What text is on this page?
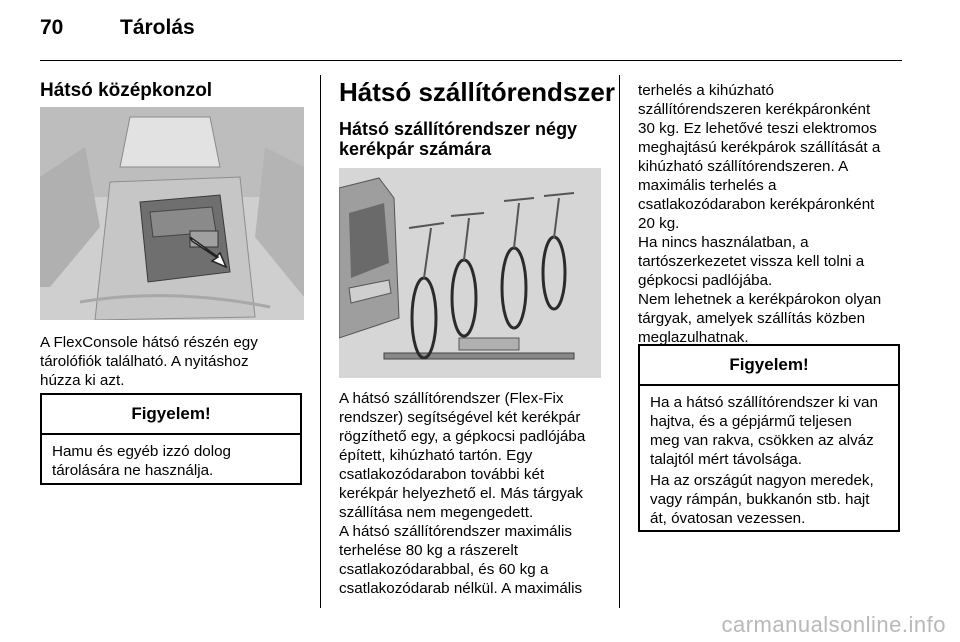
70	Tárolás
Hátsó középkonzol
A FlexConsole hátsó részén egy
tárolófiók található. A nyitáshoz
húzza ki azt.
Figyelem!
Hamu és egyéb izzó dolog
tárolására ne használja.
Hátsó szállítórendszer
Hátsó szállítórendszer négy
kerékpár számára
A hátsó szállítórendszer (Flex-Fix
rendszer) segítségével két kerékpár
rögzíthető egy, a gépkocsi padlójába
épített, kihúzható tartón. Egy
csatlakozódarabon további két
kerékpár helyezhető el. Más tárgyak
szállítása nem megengedett.
A hátsó szállítórendszer maximális
terhelése 80 kg a rászerelt
csatlakozódarabbal, és 60 kg a
csatlakozódarab nélkül. A maximális
terhelés a kihúzható
szállítórendszeren kerékpáronként
30 kg. Ez lehetővé teszi elektromos
meghajtású kerékpárok szállítását a
kihúzható szállítórendszeren. A
maximális terhelés a
csatlakozódarabon kerékpáronként
20 kg.
Ha nincs használatban, a
tartószerkezetet vissza kell tolni a
gépkocsi padlójába.
Nem lehetnek a kerékpárokon olyan
tárgyak, amelyek szállítás közben
meglazulhatnak.
Figyelem!
Ha a hátsó szállítórendszer ki van
hajtva, és a gépjármű teljesen
meg van rakva, csökken az alváz
talajtól mért távolsága.
Ha az országút nagyon meredek,
vagy rámpán, bukkanón stb. hajt
át, óvatosan vezessen.
carmanualsonline.info
